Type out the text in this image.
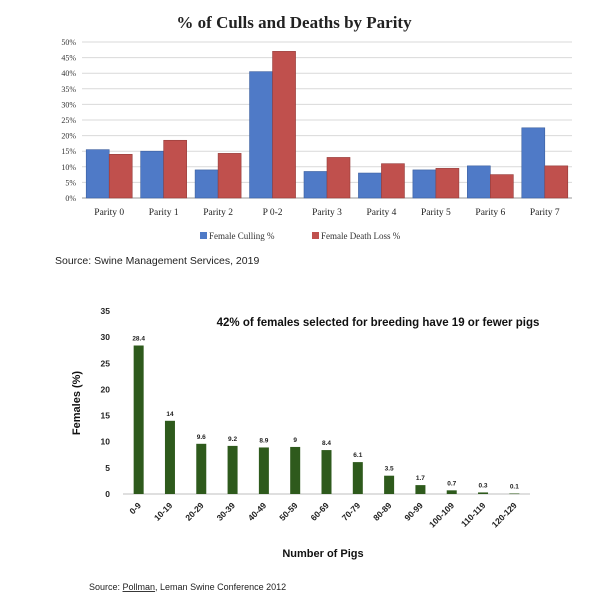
% of Culls and Deaths by Parity
0%
5%
10%
15%
20%
25%
30%
35%
40%
45%
50%
Parity 0	Parity 1	Parity 2	P 0-2	Parity 3	Parity 4	Parity 5	Parity 6	Parity 7
Female Culling %	Female Death Loss %
Source: Swine Management Services, 2019
42% of females selected for breeding have 19 or fewer pigs
0
5
10
15
20
25
30
35
28.4
14
9.6	9.2	8.9	9	8.4
6.1
3.5
1.7
0.7	0.3	0.1
0-9 10-19 20-29 30-39 40-49 50-59 60-69 70-79 80-89 90-99 100-109 110-119 120-129
Females (%)
Number of Pigs
Source: Pollman, Leman Swine Conference 2012
